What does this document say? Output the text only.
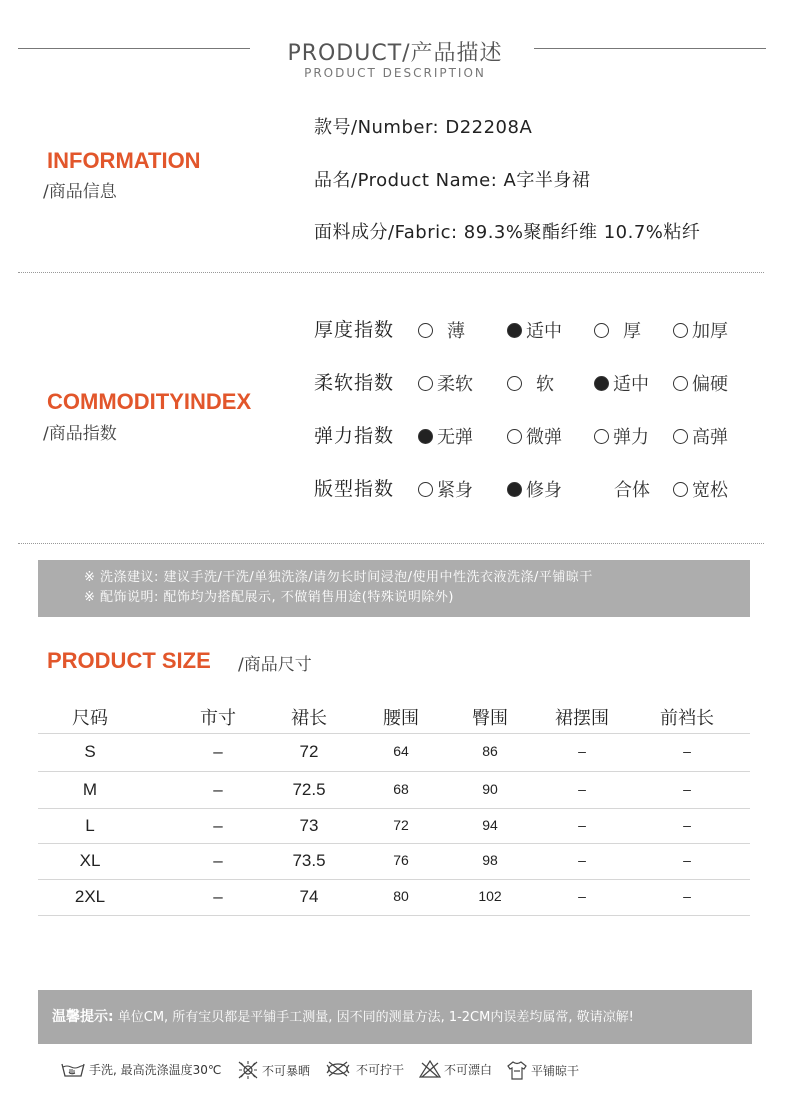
PRODUCT/产品描述
PRODUCT DESCRIPTION
INFORMATION
/商品信息
款号/Number: D22208A
品名/Product Name: A字半身裙
面料成分/Fabric: 89.3%聚酯纤维 10.7%粘纤
COMMODITYINDEX
/商品指数
厚度指数	薄	适中	厚	加厚
柔软指数 柔软	软	适中 偏硬
弹力指数 无弹	微弹	弹力 高弹
版型指数 紧身	修身	合体 宽松
※ 洗涤建议: 建议手洗/干洗/单独洗涤/请勿长时间浸泡/使用中性洗衣液洗涤/平铺晾干
※ 配饰说明: 配饰均为搭配展示, 不做销售用途(特殊说明除外)
PRODUCT SIZE /商品尺寸
尺码	市寸	裙长	腰围	臀围	裙摆围	前裆长
S	–	72	64	86	–	–
M	–	72.5	68	90	–	–
L	–	73	72	94	–	–
XL	–	73.5	76	98	–	–
2XL	–	74	80	102	–	–
温馨提示: 单位CM, 所有宝贝都是平铺手工测量, 因不同的测量方法, 1-2CM内误差均属常, 敬请凉解!
手洗, 最高洗涤温度30℃	不可暴晒	不可拧干	不可漂白	平铺晾干
